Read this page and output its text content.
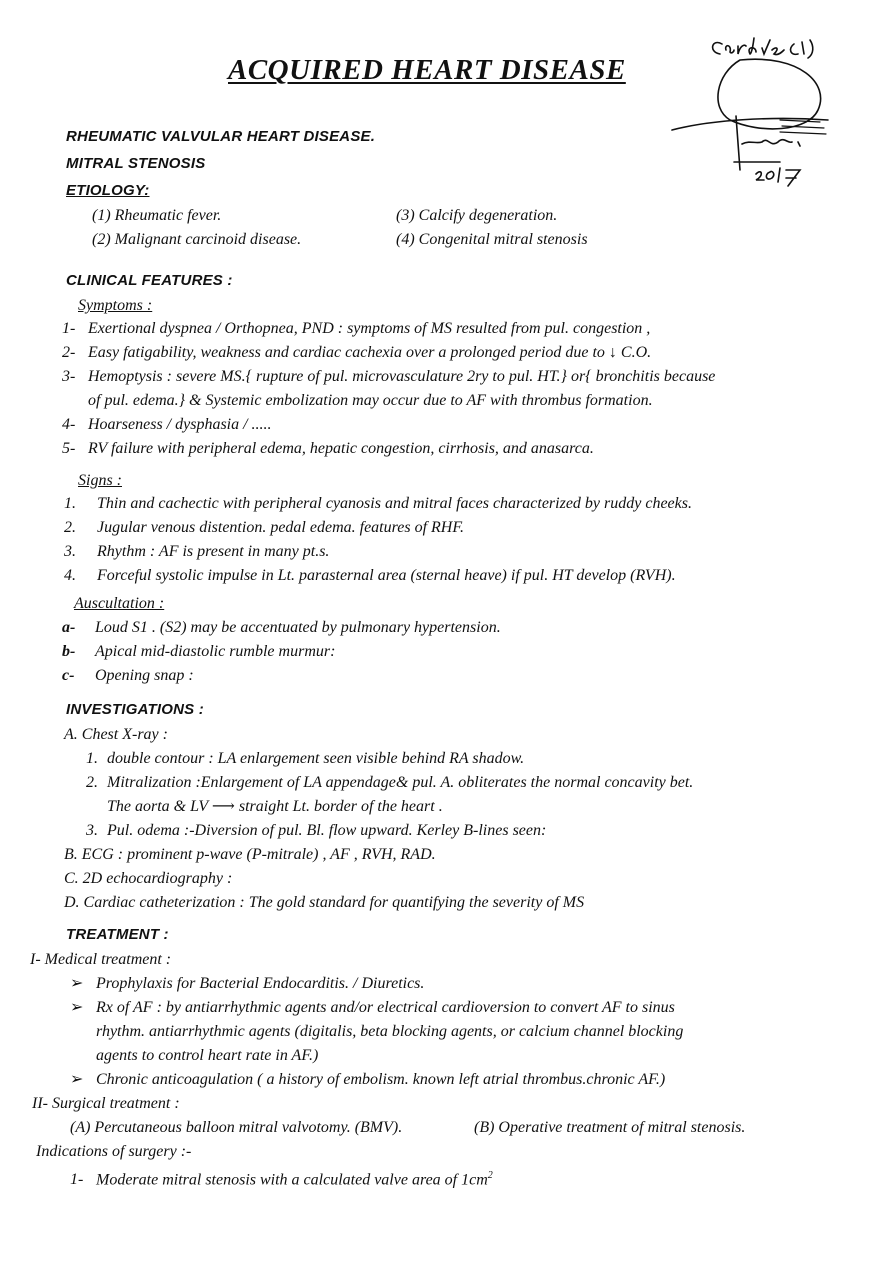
ACQUIRED HEART DISEASE
RHEUMATIC VALVULAR HEART DISEASE.
MITRAL STENOSIS
ETIOLOGY:
(1) Rheumatic fever.
(2) Malignant carcinoid disease.
(3) Calcify degeneration.
(4) Congenital mitral stenosis
CLINICAL FEATURES :
Symptoms :
1- Exertional dyspnea / Orthopnea, PND : symptoms of MS resulted from pul. congestion ,
2- Easy fatigability, weakness and cardiac cachexia over a prolonged period due to ↓ C.O.
3- Hemoptysis : severe MS.{ rupture of pul. microvasculature 2ry to pul. HT.} or{ bronchitis because
of pul. edema.} & Systemic embolization may occur due to AF with thrombus formation.
4- Hoarseness / dysphasia / .....
5- RV failure with peripheral edema, hepatic congestion, cirrhosis, and anasarca.
Signs :
1. Thin and cachectic with peripheral cyanosis and mitral faces characterized by ruddy cheeks.
2. Jugular venous distention. pedal edema. features of RHF.
3. Rhythm : AF is present in many pt.s.
4. Forceful systolic impulse in Lt. parasternal area (sternal heave) if pul. HT develop (RVH).
Auscultation :
a- Loud S1 . (S2) may be accentuated by pulmonary hypertension.
b- Apical mid-diastolic rumble murmur:
c- Opening snap :
INVESTIGATIONS :
A. Chest X-ray :
1. double contour : LA enlargement seen visible behind RA shadow.
2. Mitralization :Enlargement of LA appendage& pul. A. obliterates the normal concavity bet.
The aorta & LV ⟶ straight Lt. border of the heart .
3. Pul. odema :-Diversion of pul. Bl. flow upward. Kerley B-lines seen:
B. ECG : prominent p-wave (P-mitrale) , AF , RVH, RAD.
C. 2D echocardiography :
D. Cardiac catheterization : The gold standard for quantifying the severity of MS
TREATMENT :
I- Medical treatment :
➢ Prophylaxis for Bacterial Endocarditis. / Diuretics.
➢ Rx of AF : by antiarrhythmic agents and/or electrical cardioversion to convert AF to sinus
rhythm. antiarrhythmic agents (digitalis, beta blocking agents, or calcium channel blocking
agents to control heart rate in AF.)
➢ Chronic anticoagulation ( a history of embolism. known left atrial thrombus.chronic AF.)
II- Surgical treatment :
(A) Percutaneous balloon mitral valvotomy. (BMV).	(B) Operative treatment of mitral stenosis.
Indications of surgery :-
1- Moderate mitral stenosis with a calculated valve area of $1cm^2$
